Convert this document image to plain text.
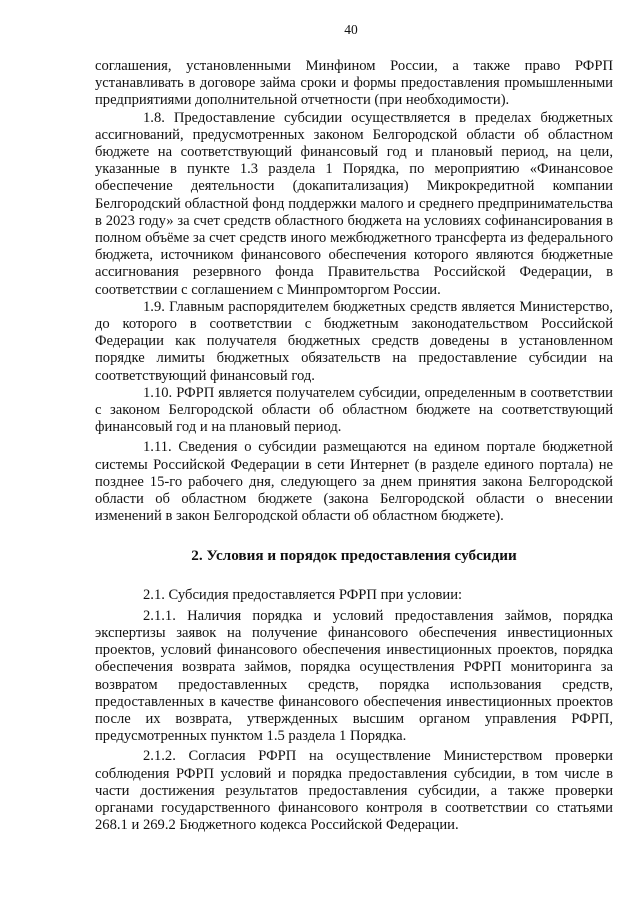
40

соглашения, установленными Минфином России, а также право РФРП устанавливать в договоре займа сроки и формы предоставления промышленными предприятиями дополнительной отчетности (при необходимости).

1.8. Предоставление субсидии осуществляется в пределах бюджетных ассигнований, предусмотренных законом Белгородской области об областном бюджете на соответствующий финансовый год и плановый период, на цели, указанные в пункте 1.3 раздела 1 Порядка, по мероприятию «Финансовое обеспечение деятельности (докапитализация) Микрокредитной компании Белгородский областной фонд поддержки малого и среднего предпринимательства в 2023 году» за счет средств областного бюджета на условиях софинансирования в полном объёме за счет средств иного межбюджетного трансферта из федерального бюджета, источником финансового обеспечения которого являются бюджетные ассигнования резервного фонда Правительства Российской Федерации, в соответствии с соглашением с Минпромторгом России.

1.9. Главным распорядителем бюджетных средств является Министерство, до которого в соответствии с бюджетным законодательством Российской Федерации как получателя бюджетных средств доведены в установленном порядке лимиты бюджетных обязательств на предоставление субсидии на соответствующий финансовый год.

1.10. РФРП является получателем субсидии, определенным в соответствии с законом Белгородской области об областном бюджете на соответствующий финансовый год и на плановый период.

1.11. Сведения о субсидии размещаются на едином портале бюджетной системы Российской Федерации в сети Интернет (в разделе единого портала) не позднее 15-го рабочего дня, следующего за днем принятия закона Белгородской области об областном бюджете (закона Белгородской области о внесении изменений в закон Белгородской области об областном бюджете).

2. Условия и порядок предоставления субсидии

2.1. Субсидия предоставляется РФРП при условии:

2.1.1. Наличия порядка и условий предоставления займов, порядка экспертизы заявок на получение финансового обеспечения инвестиционных проектов, условий финансового обеспечения инвестиционных проектов, порядка обеспечения возврата займов, порядка осуществления РФРП мониторинга за возвратом предоставленных средств, порядка использования средств, предоставленных в качестве финансового обеспечения инвестиционных проектов после их возврата, утвержденных высшим органом управления РФРП, предусмотренных пунктом 1.5 раздела 1 Порядка.

2.1.2. Согласия РФРП на осуществление Министерством проверки соблюдения РФРП условий и порядка предоставления субсидии, в том числе в части достижения результатов предоставления субсидии, а также проверки органами государственного финансового контроля в соответствии со статьями 268.1 и 269.2 Бюджетного кодекса Российской Федерации.
